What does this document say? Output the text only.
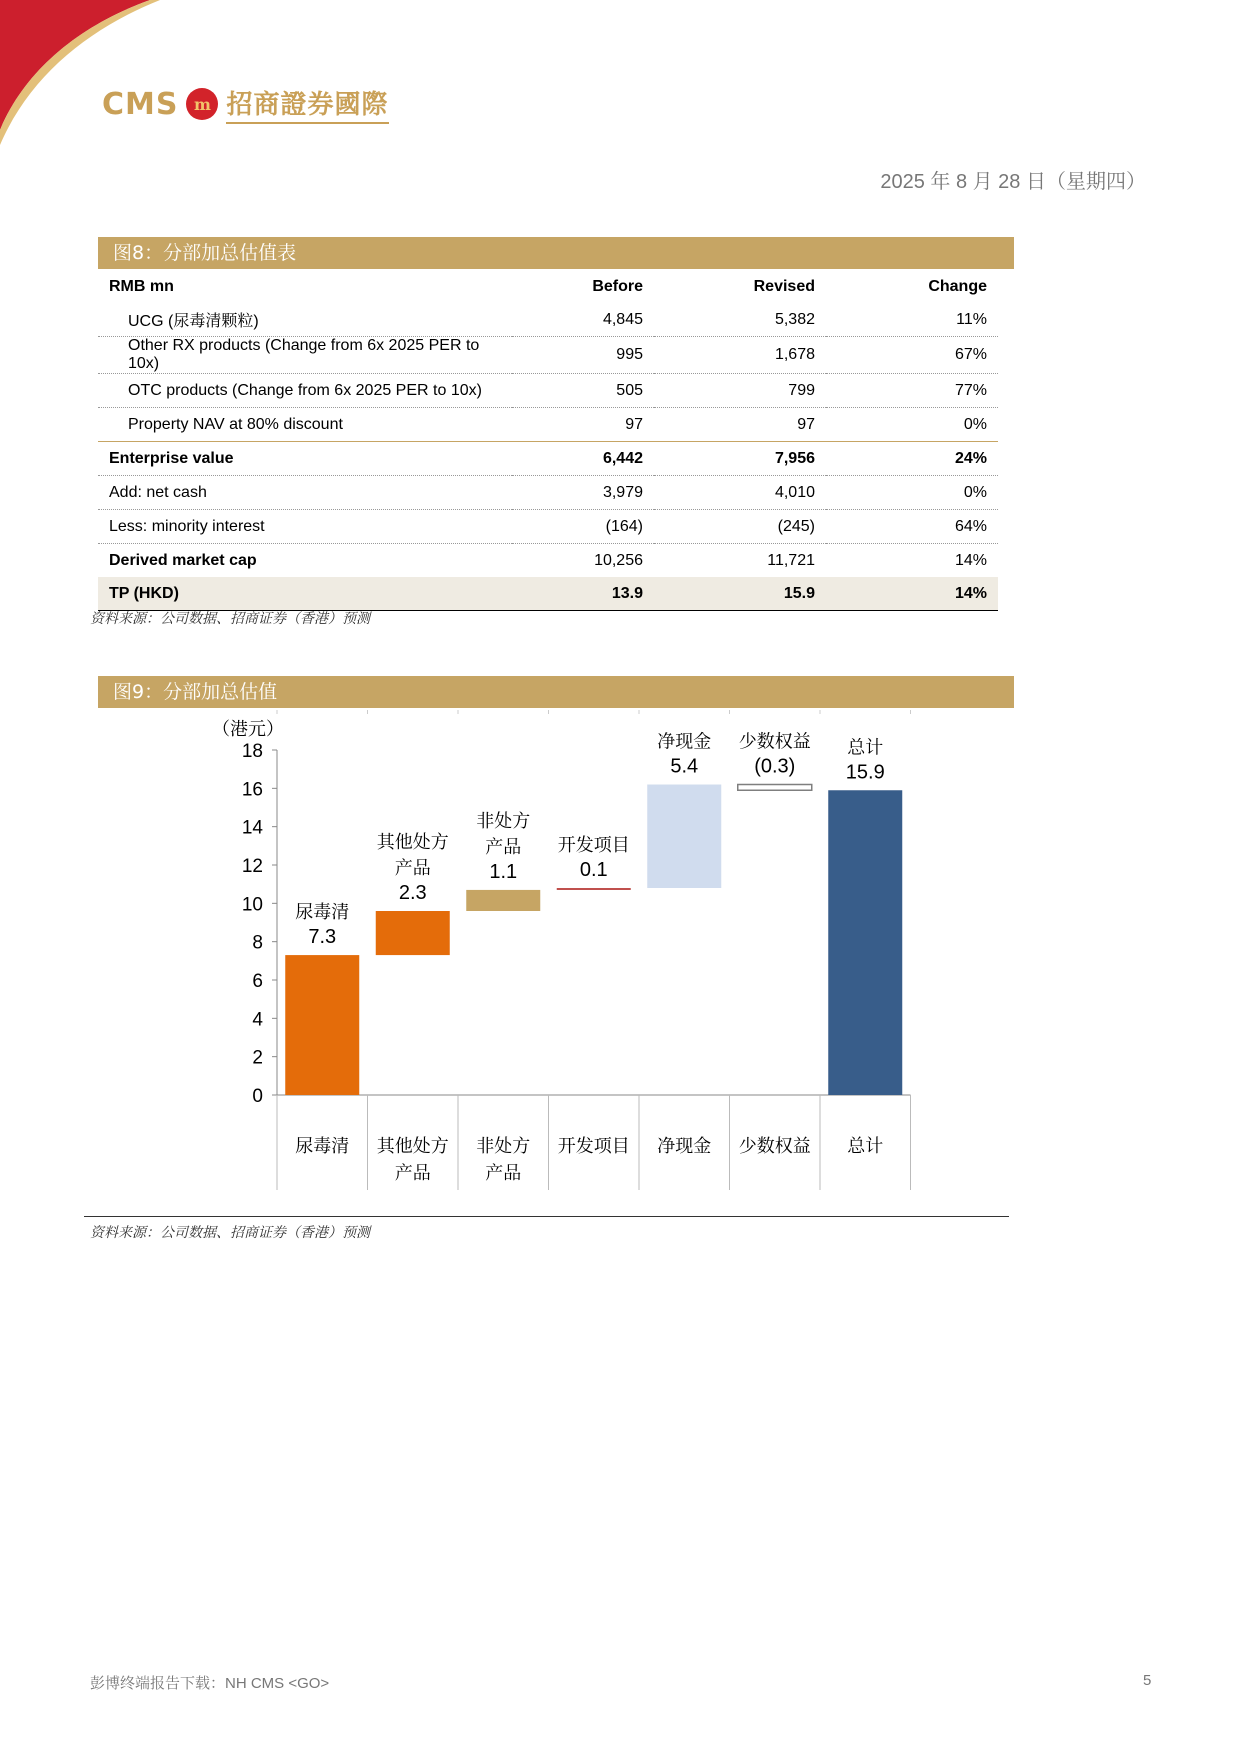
CMS m 招商證券國際
2025 年 8 月 28 日（星期四）
图8：分部加总估值表
RMB mn	Before	Revised	Change
UCG (尿毒清颗粒)	4,845	5,382	11%
Other RX products (Change from 6x 2025 PER to 10x)	995	1,678	67%
OTC products (Change from 6x 2025 PER to 10x)	505	799	77%
Property NAV at 80% discount	97	97	0%
Enterprise value	6,442	7,956	24%
Add: net cash	3,979	4,010	0%
Less: minority interest	(164)	(245)	64%
Derived market cap	10,256	11,721	14%
TP (HKD)	13.9	15.9	14%
资料来源：公司数据、招商证券（香港）预测
图9：分部加总估值
0
2
4
6
8
10
12
14
16
18
（港元）
7.3
尿毒清
2.3
产品
其他处方
1.1
产品
非处方
0.1
开发项目
5.4
净现金
(0.3)
少数权益
15.9
总计
尿毒清 其他处方
产品
非处方
产品
开发项目 净现金 少数权益 总计
资料来源：公司数据、招商证券（香港）预测
彭博终端报告下载：NH CMS <GO>	5
